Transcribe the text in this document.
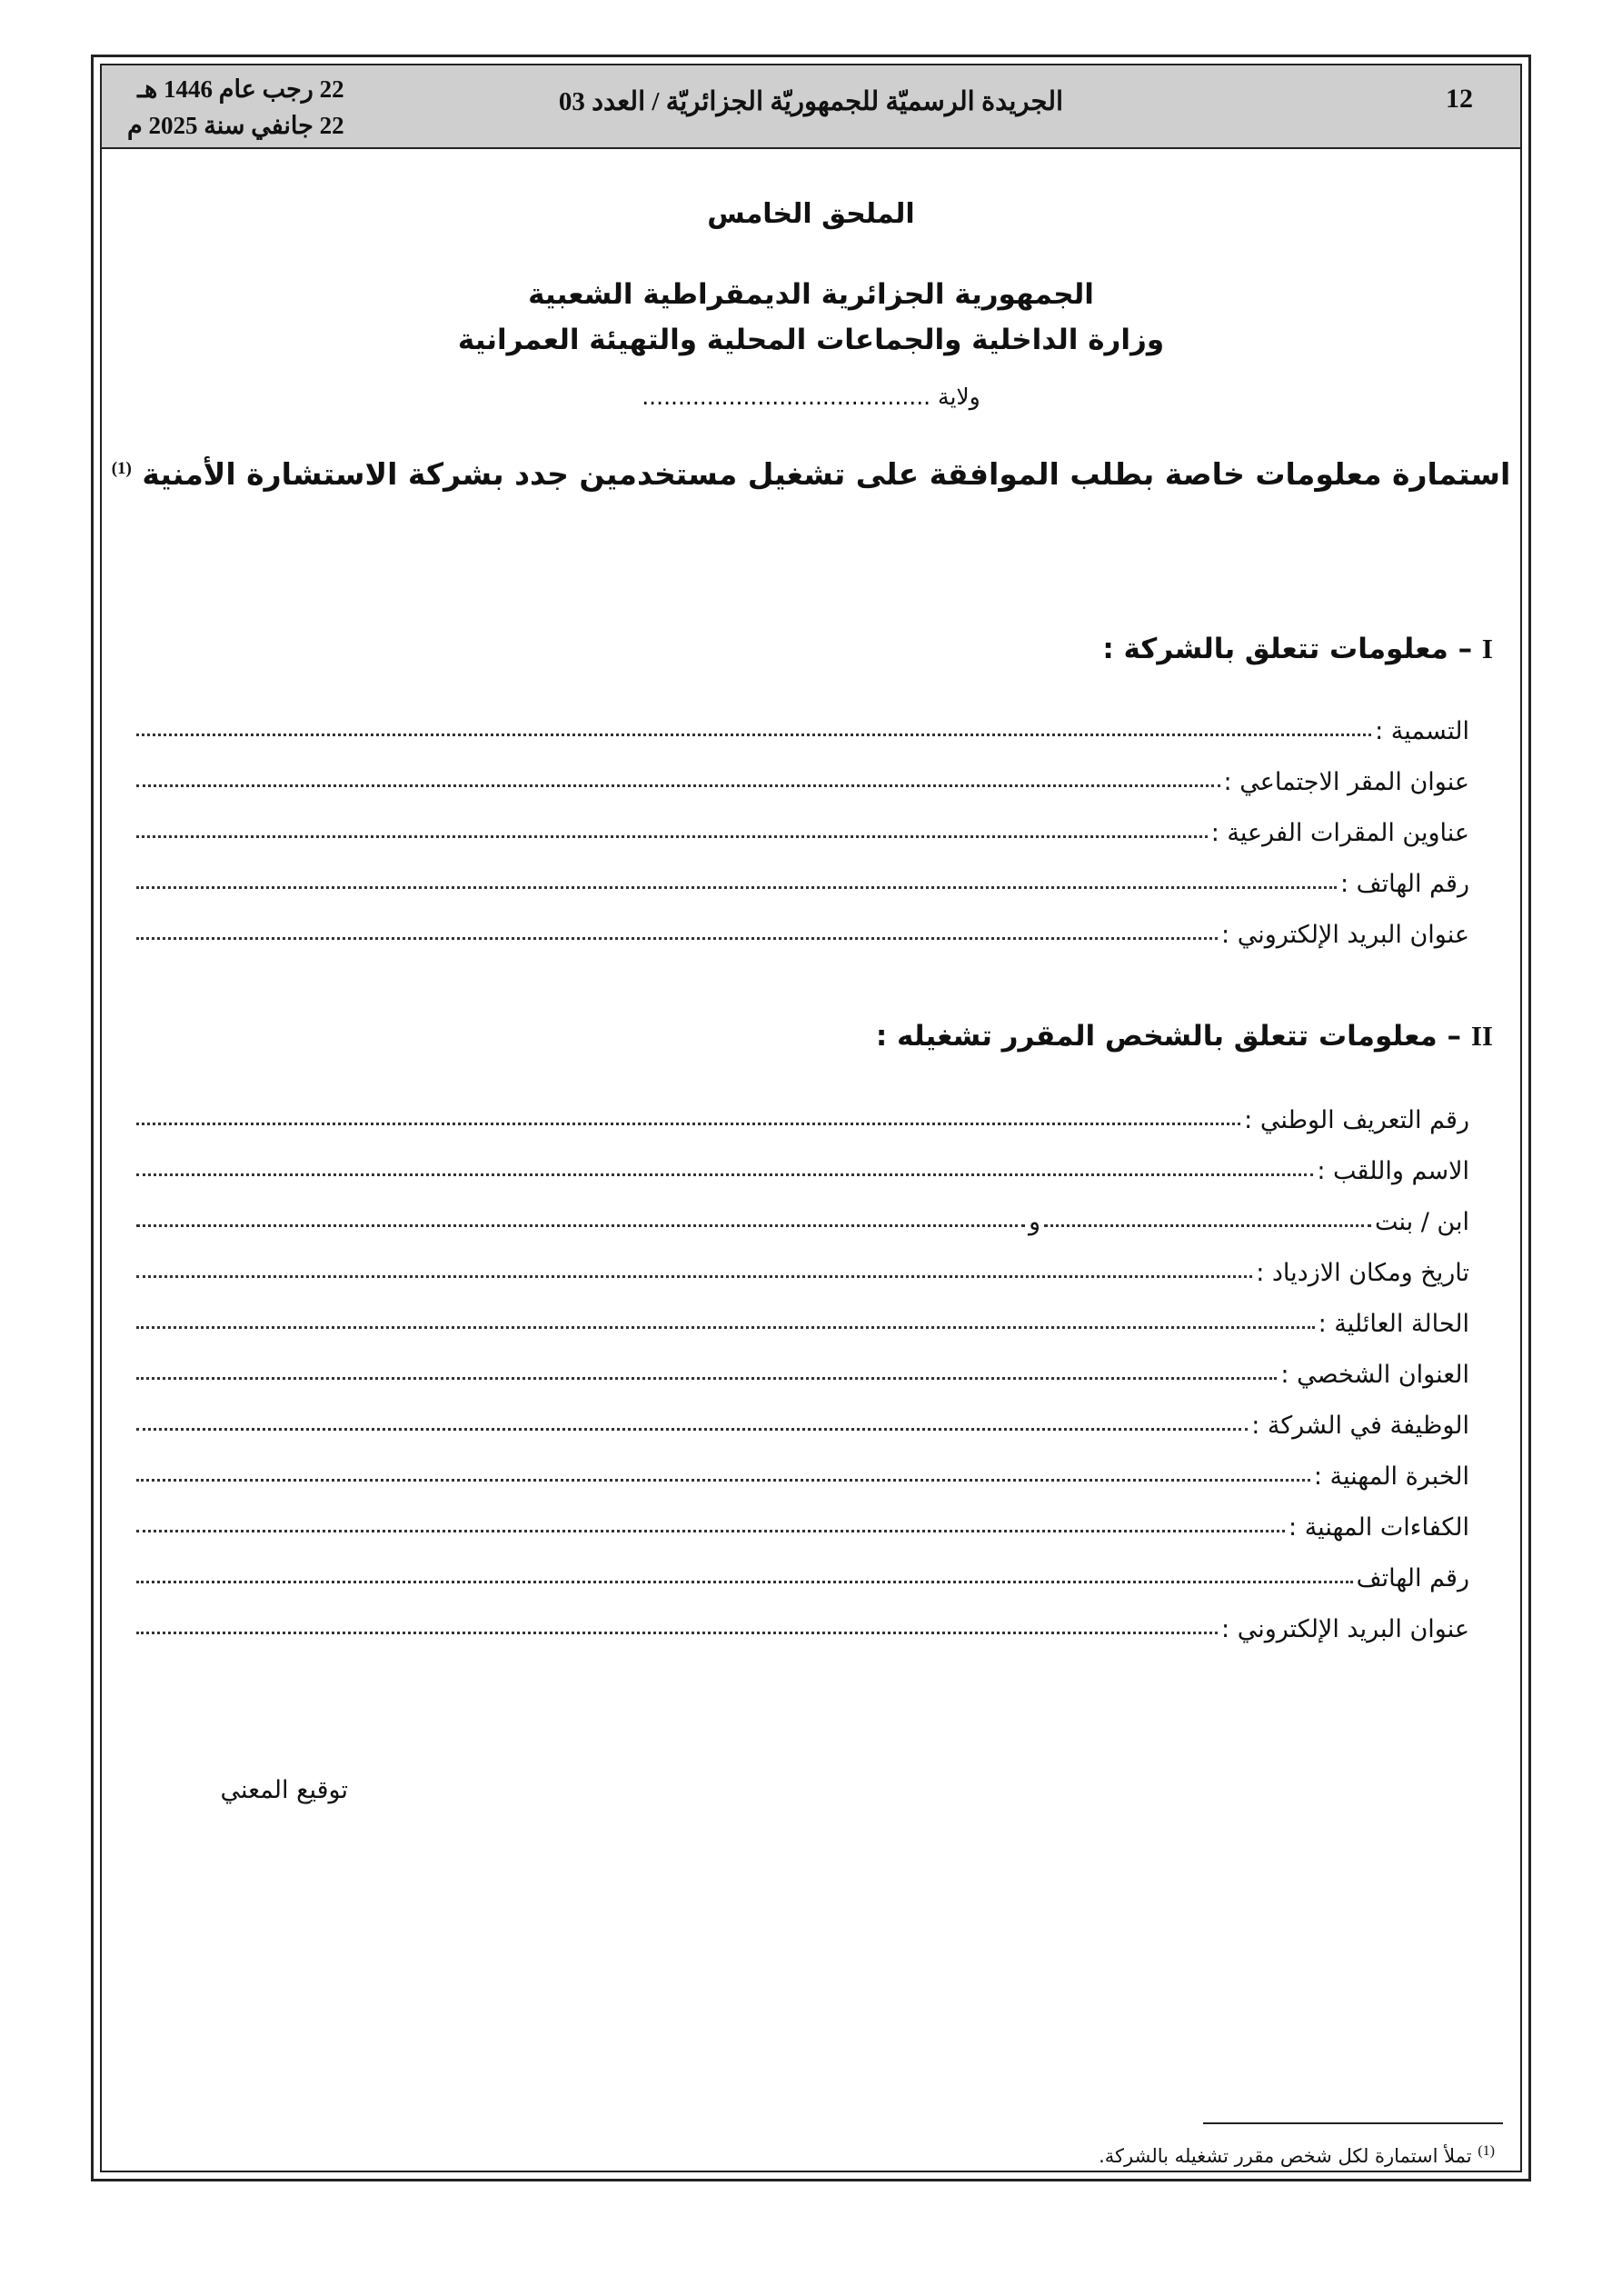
12
الجريدة الرسميّة للجمهوريّة الجزائريّة / العدد 03
22 رجب عام 1446 هـ
22 جانفي سنة 2025 م
الملحق الخامس
الجمهورية الجزائرية الديمقراطية الشعبية
وزارة الداخلية والجماعات المحلية والتهيئة العمرانية
ولاية ........................................
استمارة معلومات خاصة بطلب الموافقة على تشغيل مستخدمين جدد بشركة الاستشارة الأمنية $^{(1)}$
I – معلومات تتعلق بالشركة :
التسمية :
عنوان المقر الاجتماعي :
عناوين المقرات الفرعية :
رقم الهاتف :
عنوان البريد الإلكتروني :
II – معلومات تتعلق بالشخص المقرر تشغيله :
رقم التعريف الوطني :
الاسم واللقب :
ابن / بنت
و
تاريخ ومكان الازدياد :
الحالة العائلية :
العنوان الشخصي :
الوظيفة في الشركة :
الخبرة المهنية :
الكفاءات المهنية :
رقم الهاتف
عنوان البريد الإلكتروني :
توقيع المعني
$^{(1)}$ تملأ استمارة لكل شخص مقرر تشغيله بالشركة.
